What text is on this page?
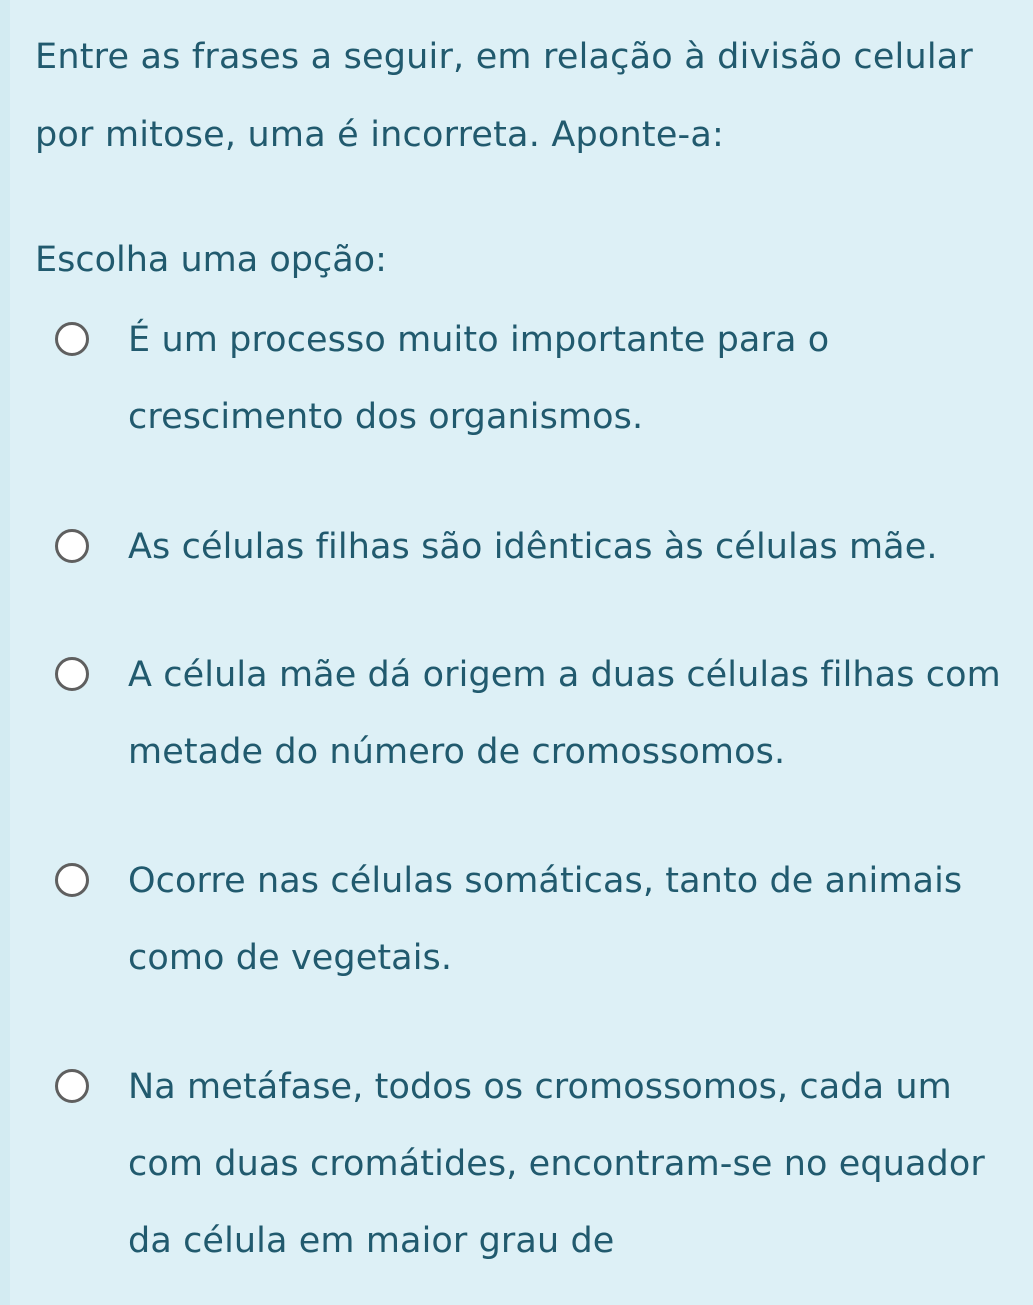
Entre as frases a seguir, em relação à divisão celular por mitose, uma é incorreta. Aponte-a:
Escolha uma opção:
É um processo muito importante para o crescimento dos organismos.
As células filhas são idênticas às células mãe.
A célula mãe dá origem a duas células filhas com metade do número de cromossomos.
Ocorre nas células somáticas, tanto de animais como de vegetais.
Na metáfase, todos os cromossomos, cada um com duas cromátides, encontram-se no equador da célula em maior grau de
